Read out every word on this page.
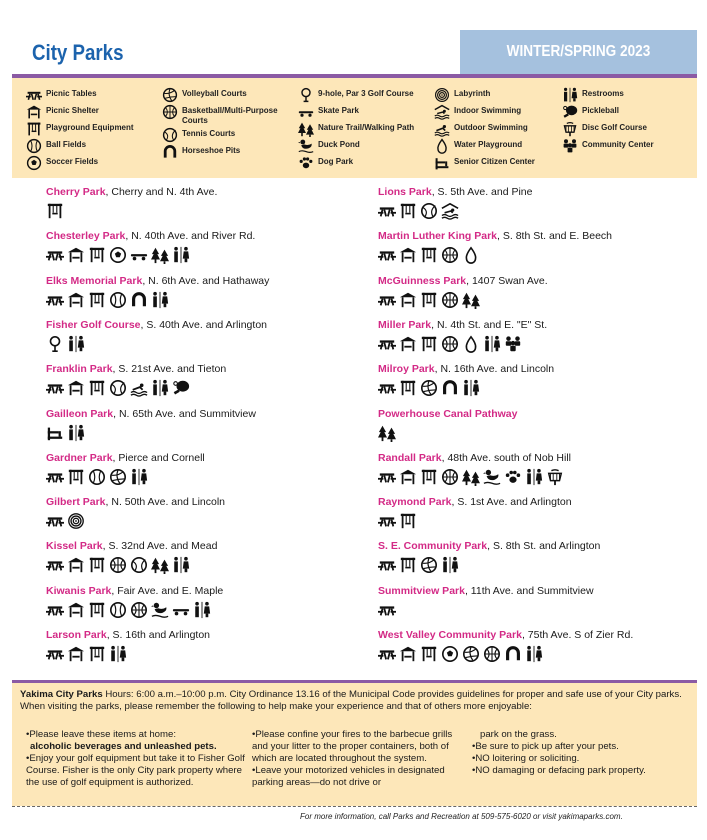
City Parks	WINTER/SPRING 2023
Picnic Tables
Picnic Shelter
Playground Equipment
Ball Fields
Soccer Fields
Volleyball Courts
Basketball/Multi-Purpose Courts
Tennis Courts
Horseshoe Pits
9-hole, Par 3 Golf Course
Skate Park
Nature Trail/Walking Path
Duck Pond
Dog Park
Labyrinth
Indoor Swimming
Outdoor Swimming
Water Playground
Senior Citizen Center
Restrooms
Pickleball
Disc Golf Course
Community Center
Cherry Park, Cherry and N. 4th Ave.
Chesterley Park, N. 40th Ave. and River Rd.
Elks Memorial Park, N. 6th Ave. and Hathaway
Fisher Golf Course, S. 40th Ave. and Arlington
Franklin Park, S. 21st Ave. and Tieton
Gailleon Park, N. 65th Ave. and Summitview
Gardner Park, Pierce and Cornell
Gilbert Park, N. 50th Ave. and Lincoln
Kissel Park, S. 32nd Ave. and Mead
Kiwanis Park, Fair Ave. and E. Maple
Larson Park, S. 16th and Arlington
Lions Park, S. 5th Ave. and Pine
Martin Luther King Park, S. 8th St. and E. Beech
McGuinness Park, 1407 Swan Ave.
Miller Park, N. 4th St. and E. "E" St.
Milroy Park, N. 16th Ave. and Lincoln
Powerhouse Canal Pathway
Randall Park, 48th Ave. south of Nob Hill
Raymond Park, S. 1st Ave. and Arlington
S. E. Community Park, S. 8th St. and Arlington
Summitview Park, 11th Ave. and Summitview
West Valley Community Park, 75th Ave. S of Zier Rd.
Yakima City Parks Hours: 6:00 a.m.–10:00 p.m. City Ordinance 13.16 of the Municipal Code provides guidelines for proper and safe use of your City parks. When visiting the parks, please remember the following to help make your experience and that of others more enjoyable:
•Please leave these items at home:
alcoholic beverages and unleashed pets.
•Enjoy your golf equipment but take it to Fisher Golf Course. Fisher is the only City park property where the use of golf equipment is authorized.
•Please confine your fires to the barbecue grills and your litter to the proper containers, both of which are located throughout the system.
•Leave your motorized vehicles in designated parking areas—do not drive or
park on the grass.
•Be sure to pick up after your pets.
•NO loitering or soliciting.
•NO damaging or defacing park property.
For more information, call Parks and Recreation at 509-575-6020 or visit yakimaparks.com.
